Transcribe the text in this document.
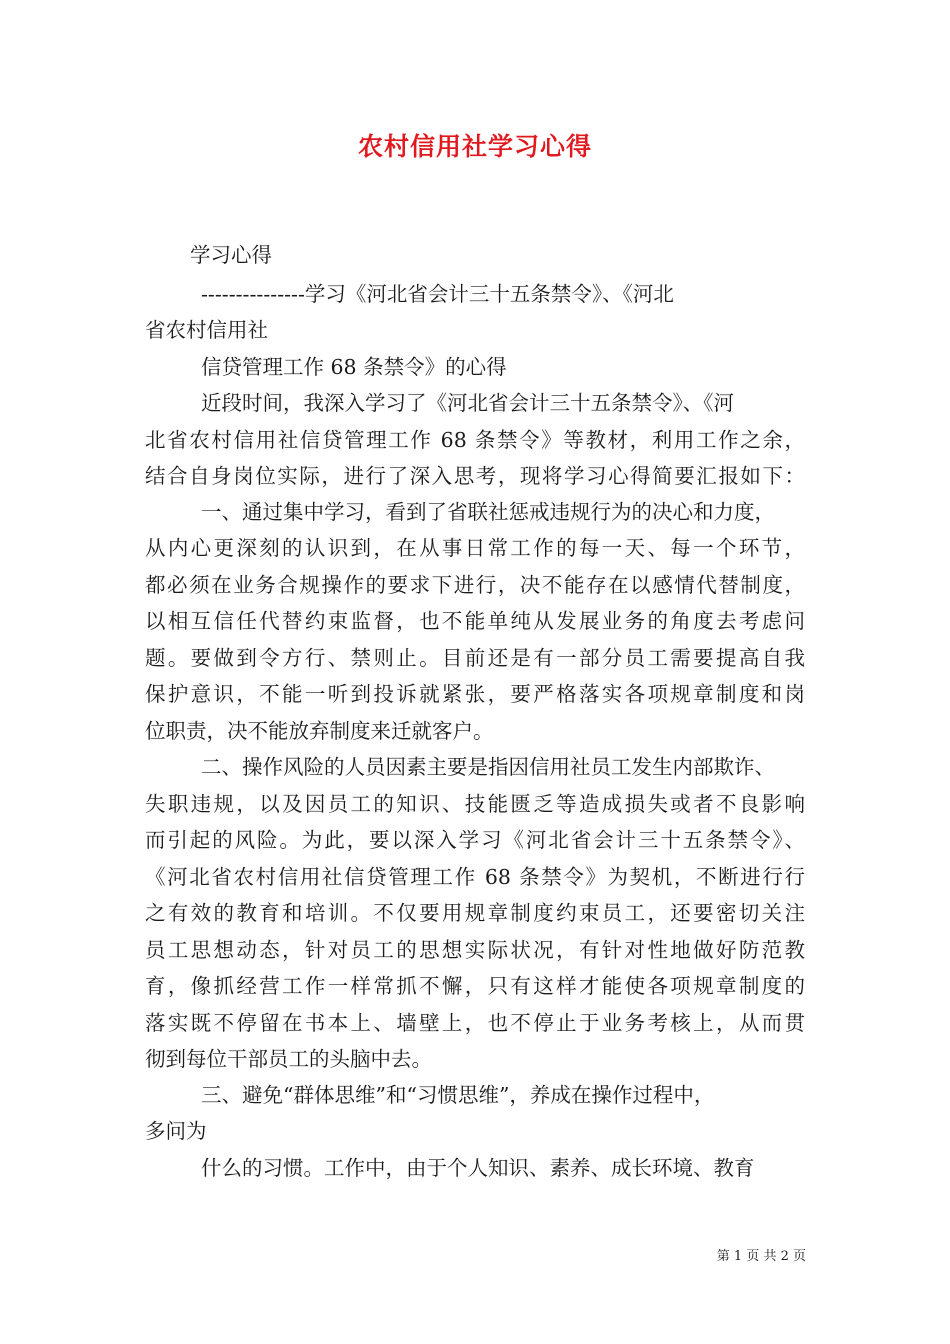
农村信用社学习心得
学习心得
---------------学习《河北省会计三十五条禁令》、《河北
省农村信用社
信贷管理工作 68 条禁令》的心得
近段时间，我深入学习了《河北省会计三十五条禁令》、《河
北省农村信用社信贷管理工作 68 条禁令》等教材，利用工作之余，
结合自身岗位实际，进行了深入思考，现将学习心得简要汇报如下：
一、通过集中学习，看到了省联社惩戒违规行为的决心和力度，
从内心更深刻的认识到，在从事日常工作的每一天、每一个环节，
都必须在业务合规操作的要求下进行，决不能存在以感情代替制度，
以相互信任代替约束监督，也不能单纯从发展业务的角度去考虑问
题。要做到令方行、禁则止。目前还是有一部分员工需要提高自我
保护意识，不能一听到投诉就紧张，要严格落实各项规章制度和岗
位职责，决不能放弃制度来迁就客户。
二、操作风险的人员因素主要是指因信用社员工发生内部欺诈、
失职违规，以及因员工的知识、技能匮乏等造成损失或者不良影响
而引起的风险。为此，要以深入学习《河北省会计三十五条禁令》、
《河北省农村信用社信贷管理工作 68 条禁令》为契机，不断进行行
之有效的教育和培训。不仅要用规章制度约束员工，还要密切关注
员工思想动态，针对员工的思想实际状况，有针对性地做好防范教
育，像抓经营工作一样常抓不懈，只有这样才能使各项规章制度的
落实既不停留在书本上、墙壁上，也不停止于业务考核上，从而贯
彻到每位干部员工的头脑中去。
三、避免“群体思维”和“习惯思维”，养成在操作过程中，
多问为
什么的习惯。工作中，由于个人知识、素养、成长环境、教育
第 1 页 共 2 页
